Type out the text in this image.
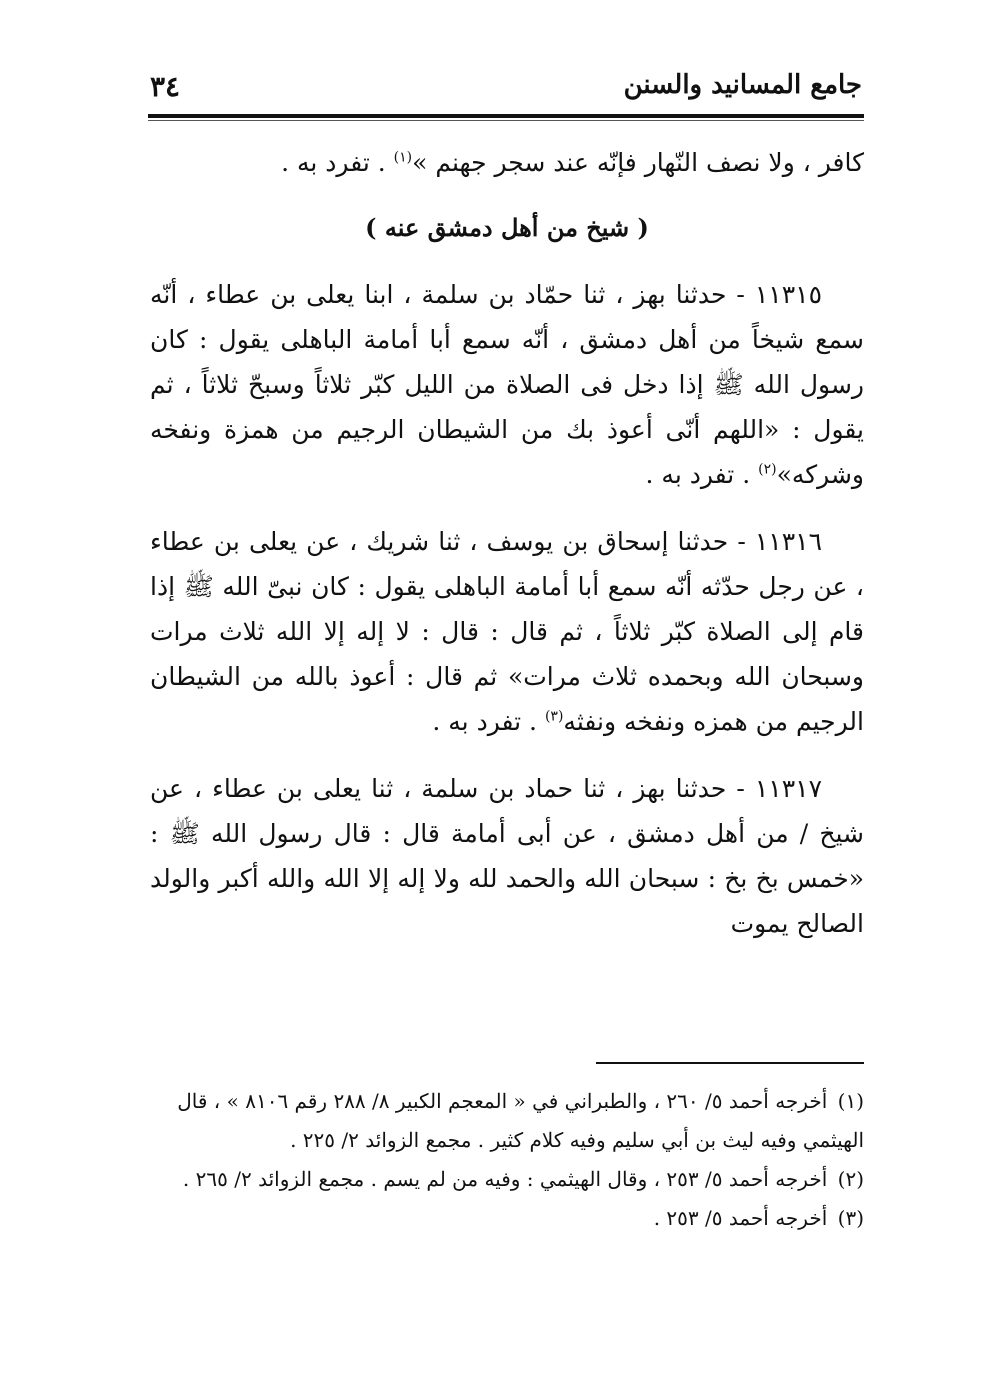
جامع المسانيد والسنن
٣٤

كافر ، ولا نصف النّهار فإنّه عند سجر جهنم »$^{(١)}$ . تفرد به .

( شيخ من أهل دمشق عنه )

١١٣١٥ - حدثنا بهز ، ثنا حمّاد بن سلمة ، ابنا يعلى بن عطاء ، أنّه سمع شيخاً من أهل دمشق ، أنّه سمع أبا أمامة الباهلى يقول : كان رسول الله ﷺ إذا دخل فى الصلاة من الليل كبّر ثلاثاً وسبحّ ثلاثاً ، ثم يقول : «اللهم أنّى أعوذ بك من الشيطان الرجيم من همزة ونفخه وشركه»$^{(٢)}$ . تفرد به .

١١٣١٦ - حدثنا إسحاق بن يوسف ، ثنا شريك ، عن يعلى بن عطاء ، عن رجل حدّثه أنّه سمع أبا أمامة الباهلى يقول : كان نبىّ الله ﷺ إذا قام إلى الصلاة كبّر ثلاثاً ، ثم قال : قال : لا إله إلا الله ثلاث مرات وسبحان الله وبحمده ثلاث مرات» ثم قال : أعوذ بالله من الشيطان الرجيم من همزه ونفخه ونفثه$^{(٣)}$ . تفرد به .

١١٣١٧ - حدثنا بهز ، ثنا حماد بن سلمة ، ثنا يعلى بن عطاء ، عن شيخ / من أهل دمشق ، عن أبى أمامة قال : قال رسول الله ﷺ : «خمس بخ بخ : سبحان الله والحمد لله ولا إله إلا الله والله أكبر والولد الصالح يموت

(١) أخرجه أحمد ٥/ ٢٦٠ ، والطبراني في « المعجم الكبير ٨/ ٢٨٨ رقم ٨١٠٦ » ، قال الهيثمي وفيه ليث بن أبي سليم وفيه كلام كثير . مجمع الزوائد ٢/ ٢٢٥ .

(٢) أخرجه أحمد ٥/ ٢٥٣ ، وقال الهيثمي : وفيه من لم يسم . مجمع الزوائد ٢/ ٢٦٥ .

(٣) أخرجه أحمد ٥/ ٢٥٣ .
